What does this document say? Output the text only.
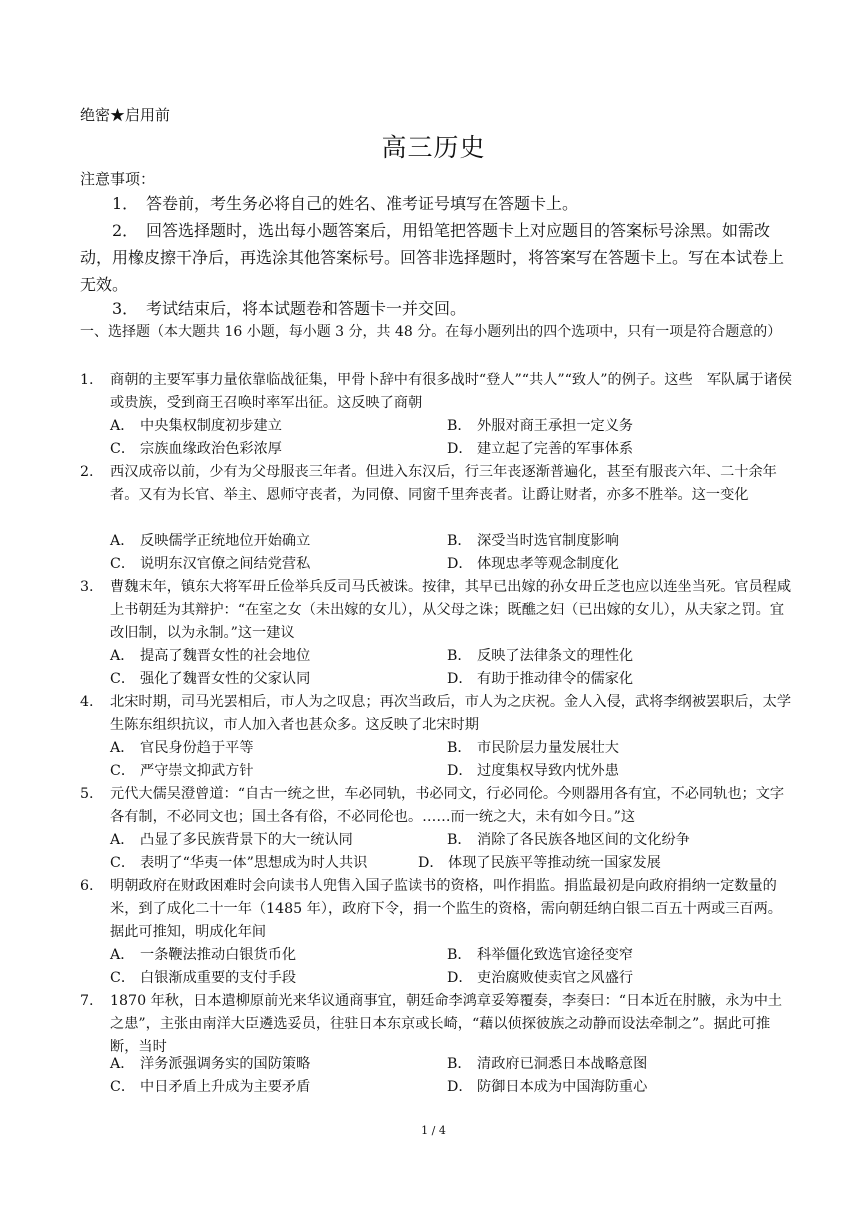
绝密★启用前
高三历史
注意事项：
1． 答卷前，考生务必将自己的姓名、准考证号填写在答题卡上。
2． 回答选择题时，选出每小题答案后，用铅笔把答题卡上对应题目的答案标号涂黑。如需改动，用橡皮擦干净后，再选涂其他答案标号。回答非选择题时，将答案写在答题卡上。写在本试卷上无效。
3． 考试结束后，将本试题卷和答题卡一并交回。
一、选择题（本大题共 16 小题，每小题 3 分，共 48 分。在每小题列出的四个选项中，只有一项是符合题意的）
1. 商朝的主要军事力量依靠临战征集，甲骨卜辞中有很多战时“登人”“共人”“致人”的例子。这些　军队属于诸侯或贵族，受到商王召唤时率军出征。这反映了商朝
A． 中央集权制度初步建立	B． 外服对商王承担一定义务
C． 宗族血缘政治色彩浓厚	D． 建立起了完善的军事体系
2. 西汉成帝以前，少有为父母服丧三年者。但进入东汉后，行三年丧逐渐普遍化，甚至有服丧六年、二十余年者。又有为长官、举主、恩师守丧者，为同僚、同窗千里奔丧者。让爵让财者，亦多不胜举。这一变化
A． 反映儒学正统地位开始确立	B． 深受当时选官制度影响
C． 说明东汉官僚之间结党营私	D． 体现忠孝等观念制度化
3. 曹魏末年，镇东大将军毌丘俭举兵反司马氏被诛。按律，其早已出嫁的孙女毌丘芝也应以连坐当死。官员程咸上书朝廷为其辩护：“在室之女（未出嫁的女儿），从父母之诛；既醮之妇（已出嫁的女儿），从夫家之罚。宜改旧制，以为永制。”这一建议
A． 提高了魏晋女性的社会地位	B． 反映了法律条文的理性化
C． 强化了魏晋女性的父家认同	D． 有助于推动律令的儒家化
4. 北宋时期，司马光罢相后，市人为之叹息；再次当政后，市人为之庆祝。金人入侵，武将李纲被罢职后，太学生陈东组织抗议，市人加入者也甚众多。这反映了北宋时期
A． 官民身份趋于平等	B． 市民阶层力量发展壮大
C． 严守崇文抑武方针	D． 过度集权导致内忧外患
5. 元代大儒吴澄曾道：“自古一统之世，车必同轨，书必同文，行必同伦。今则器用各有宜，不必同轨也；文字各有制，不必同文也；国土各有俗，不必同伦也。……而一统之大，未有如今日。”这
A． 凸显了多民族背景下的大一统认同	B． 消除了各民族各地区间的文化纷争
C． 表明了“华夷一体”思想成为时人共识	D． 体现了民族平等推动统一国家发展
6. 明朝政府在财政困难时会向读书人兜售入国子监读书的资格，叫作捐监。捐监最初是向政府捐纳一定数量的米，到了成化二十一年（1485 年），政府下令，捐一个监生的资格，需向朝廷纳白银二百五十两或三百两。据此可推知，明成化年间
A． 一条鞭法推动白银货币化	B． 科举僵化致选官途径变窄
C． 白银渐成重要的支付手段	D． 吏治腐败使卖官之风盛行
7. 1870 年秋，日本遣柳原前光来华议通商事宜，朝廷命李鸿章妥筹覆奏，李奏曰：“日本近在肘腋，永为中土之患”，主张由南洋大臣遴选妥员，往驻日本东京或长崎，“藉以侦探彼族之动静而设法牵制之”。据此可推断，当时
A． 洋务派强调务实的国防策略	B． 清政府已洞悉日本战略意图
C． 中日矛盾上升成为主要矛盾	D． 防御日本成为中国海防重心
1 / 4
